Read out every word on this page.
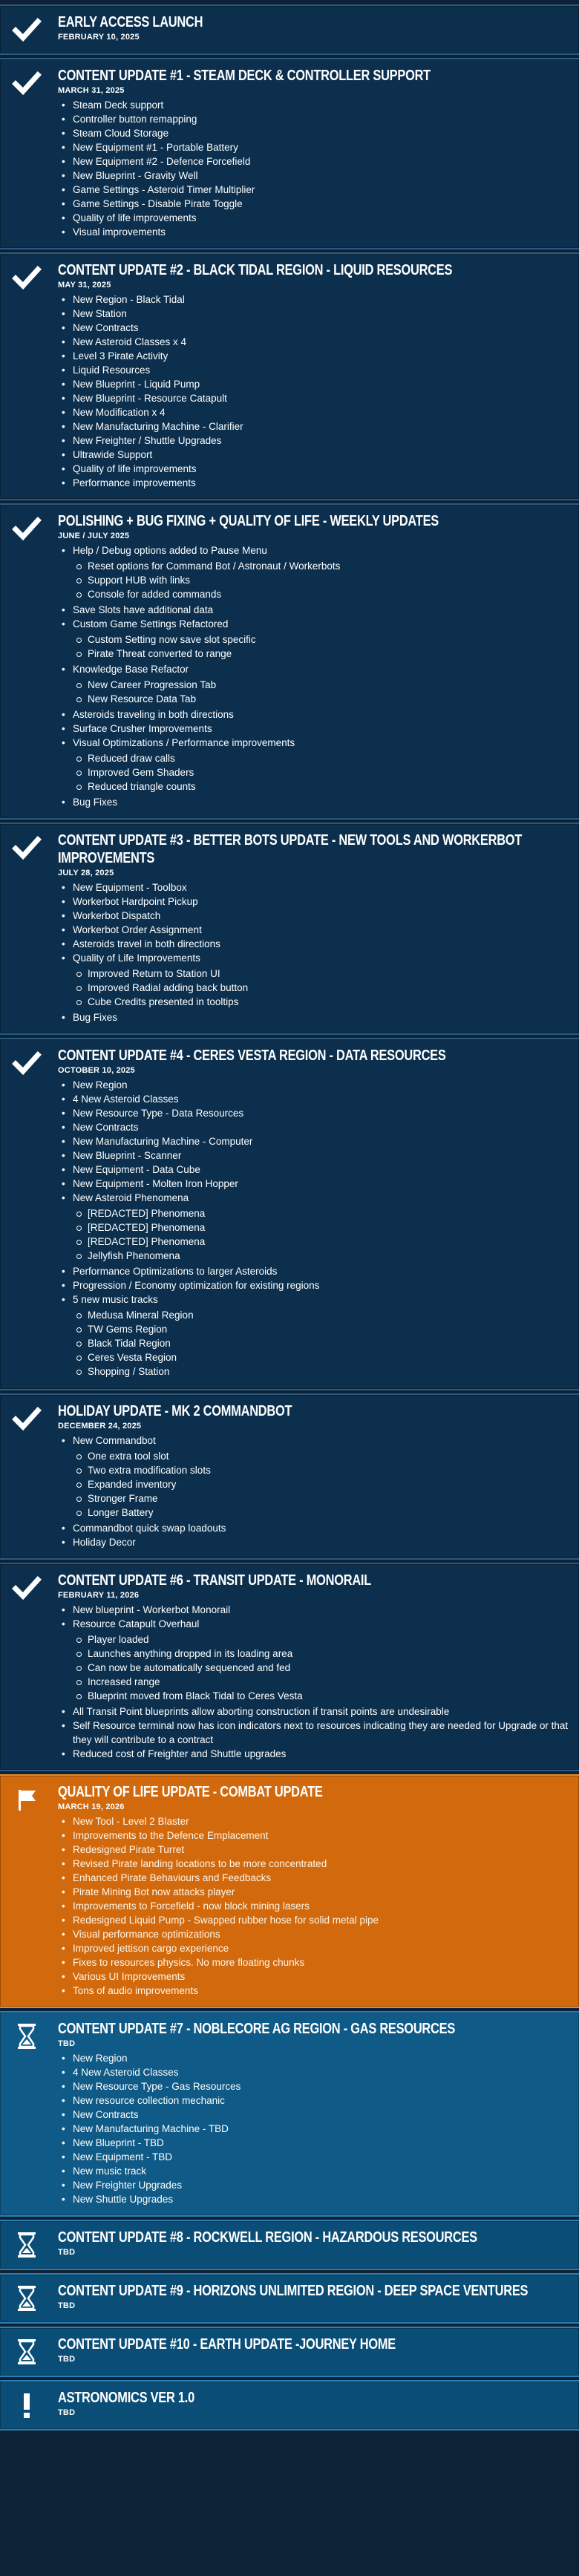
EARLY ACCESS LAUNCH
FEBRUARY 10, 2025
CONTENT UPDATE #1 - STEAM DECK & CONTROLLER SUPPORT
MARCH 31, 2025
• Steam Deck support
• Controller button remapping
• Steam Cloud Storage
• New Equipment #1 - Portable Battery
• New Equipment #2 - Defence Forcefield
• New Blueprint - Gravity Well
• Game Settings - Asteroid Timer Multiplier
• Game Settings - Disable Pirate Toggle
• Quality of life improvements
• Visual improvements
CONTENT UPDATE #2 - BLACK TIDAL REGION - LIQUID RESOURCES
MAY 31, 2025
• New Region - Black Tidal
• New Station
• New Contracts
• New Asteroid Classes x 4
• Level 3 Pirate Activity
• Liquid Resources
• New Blueprint - Liquid Pump
• New Blueprint - Resource Catapult
• New Modification x 4
• New Manufacturing Machine - Clarifier
• New Freighter / Shuttle Upgrades
• Ultrawide Support
• Quality of life improvements
• Performance improvements
POLISHING + BUG FIXING + QUALITY OF LIFE - WEEKLY UPDATES
JUNE / JULY 2025
• Help / Debug options added to Pause Menu
Reset options for Command Bot / Astronaut / Workerbots
Support HUB with links
Console for added commands
• Save Slots have additional data
• Custom Game Settings Refactored
Custom Setting now save slot specific
Pirate Threat converted to range
• Knowledge Base Refactor
New Career Progression Tab
New Resource Data Tab
• Asteroids traveling in both directions
• Surface Crusher Improvements
• Visual Optimizations / Performance improvements
Reduced draw calls
Improved Gem Shaders
Reduced triangle counts
• Bug Fixes
CONTENT UPDATE #3 - BETTER BOTS UPDATE - NEW TOOLS AND WORKERBOT IMPROVEMENTS
JULY 28, 2025
• New Equipment - Toolbox
• Workerbot Hardpoint Pickup
• Workerbot Dispatch
• Workerbot Order Assignment
• Asteroids travel in both directions
• Quality of Life Improvements
Improved Return to Station UI
Improved Radial adding back button
Cube Credits presented in tooltips
• Bug Fixes
CONTENT UPDATE #4 - CERES VESTA REGION - DATA RESOURCES
OCTOBER 10, 2025
• New Region
• 4 New Asteroid Classes
• New Resource Type - Data Resources
• New Contracts
• New Manufacturing Machine - Computer
• New Blueprint - Scanner
• New Equipment - Data Cube
• New Equipment - Molten Iron Hopper
• New Asteroid Phenomena
[REDACTED] Phenomena
[REDACTED] Phenomena
[REDACTED] Phenomena
Jellyfish Phenomena
• Performance Optimizations to larger Asteroids
• Progression / Economy optimization for existing regions
• 5 new music tracks
Medusa Mineral Region
TW Gems Region
Black Tidal Region
Ceres Vesta Region
Shopping / Station
HOLIDAY UPDATE - MK 2 COMMANDBOT
DECEMBER 24, 2025
• New Commandbot
One extra tool slot
Two extra modification slots
Expanded inventory
Stronger Frame
Longer Battery
• Commandbot quick swap loadouts
• Holiday Decor
CONTENT UPDATE #6 - TRANSIT UPDATE - MONORAIL
FEBRUARY 11, 2026
• New blueprint - Workerbot Monorail
• Resource Catapult Overhaul
Player loaded
Launches anything dropped in its loading area
Can now be automatically sequenced and fed
Increased range
Blueprint moved from Black Tidal to Ceres Vesta
• All Transit Point blueprints allow aborting construction if transit points are undesirable
• Self Resource terminal now has icon indicators next to resources indicating they are needed for Upgrade or that they will contribute to a contract
• Reduced cost of Freighter and Shuttle upgrades
QUALITY OF LIFE UPDATE - COMBAT UPDATE
MARCH 19, 2026
• New Tool - Level 2 Blaster
• Improvements to the Defence Emplacement
• Redesigned Pirate Turret
• Revised Pirate landing locations to be more concentrated
• Enhanced Pirate Behaviours and Feedbacks
• Pirate Mining Bot now attacks player
• Improvements to Forcefield - now block mining lasers
• Redesigned Liquid Pump - Swapped rubber hose for solid metal pipe
• Visual performance optimizations
• Improved jettison cargo experience
• Fixes to resources physics. No more floating chunks
• Various UI Improvements
• Tons of audio improvements
CONTENT UPDATE #7 - NOBLECORE AG REGION - GAS RESOURCES
TBD
• New Region
• 4 New Asteroid Classes
• New Resource Type - Gas Resources
• New resource collection mechanic
• New Contracts
• New Manufacturing Machine - TBD
• New Blueprint - TBD
• New Equipment - TBD
• New music track
• New Freighter Upgrades
• New Shuttle Upgrades
CONTENT UPDATE #8 - ROCKWELL REGION - HAZARDOUS RESOURCES
TBD
CONTENT UPDATE #9 - HORIZONS UNLIMITED REGION - DEEP SPACE VENTURES
TBD
CONTENT UPDATE #10 - EARTH UPDATE -JOURNEY HOME
TBD
ASTRONOMICS VER 1.0
TBD
